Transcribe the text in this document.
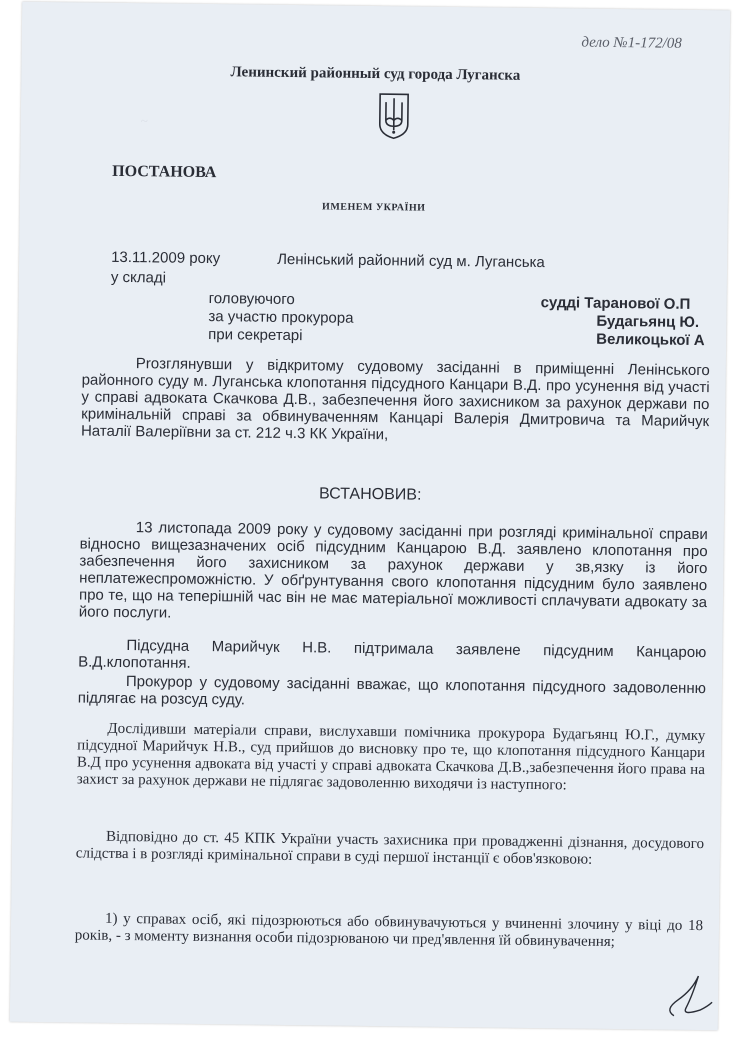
~
дело №1-172/08
Ленинский районный суд города Луганска
ПОСТАНОВА
ИМЕНЕМ УКРАЇНИ
13.11.2009 року	Ленінський районний суд м. Луганська
у складі
головуючого	судді Таранової О.П
за участю прокурора	Будагьянц Ю.
при секретарі	Великоцької А
Рroзглянувши у відкритому судовому засіданні в приміщенні Ленінського районного суду м. Луганська клопотання підсудного Канцари В.Д. про усунення від участі у справі адвоката Скачкова Д.В., забезпечення його захисником за рахунок держави по кримінальній справі за обвинуваченням Канцарі Валерія Дмитровича та Марийчук Наталії Валеріївни за ст. 212 ч.3 КК України,
ВСТАНОВИВ:
13 листопада 2009 року у судовому засіданні при розгляді кримінальної справи відносно вищезазначених осіб підсудним Канцарою В.Д. заявлено клопотання про забезпечення його захисником за рахунок держави у зв,язку із його неплатежеспроможністю. У обґрунтування свого клопотання підсудним було заявлено про те, що на теперішній час він не має матеріальної можливості сплачувати адвокату за його послуги.
Підсудна Марийчук Н.В. підтримала заявлене підсудним Канцарою В.Д.клопотання.
Прокурор у судовому засіданні вважає, що клопотання підсудного задоволенню підлягає на розсуд суду.
Дослідивши матеріали справи, вислухавши помічника прокурора Будагьянц Ю.Г., думку підсудної Марийчук Н.В., суд прийшов до висновку про те, що клопотання підсудного Канцари В.Д про усунення адвоката від участі у справі адвоката Скачкова Д.В.,забезпечення його права на захист за рахунок держави не підлягає задоволенню виходячи із наступного:
Відповідно до ст. 45 КПК України участь захисника при провадженні дізнання, досудового слідства і в розгляді кримінальної справи в суді першої інстанції є обов'язковою:
1) у справах осіб, які підозрюються або обвинувачуються у вчиненні злочину у віці до 18 років, - з моменту визнання особи підозрюваною чи пред'явлення їй обвинувачення;
